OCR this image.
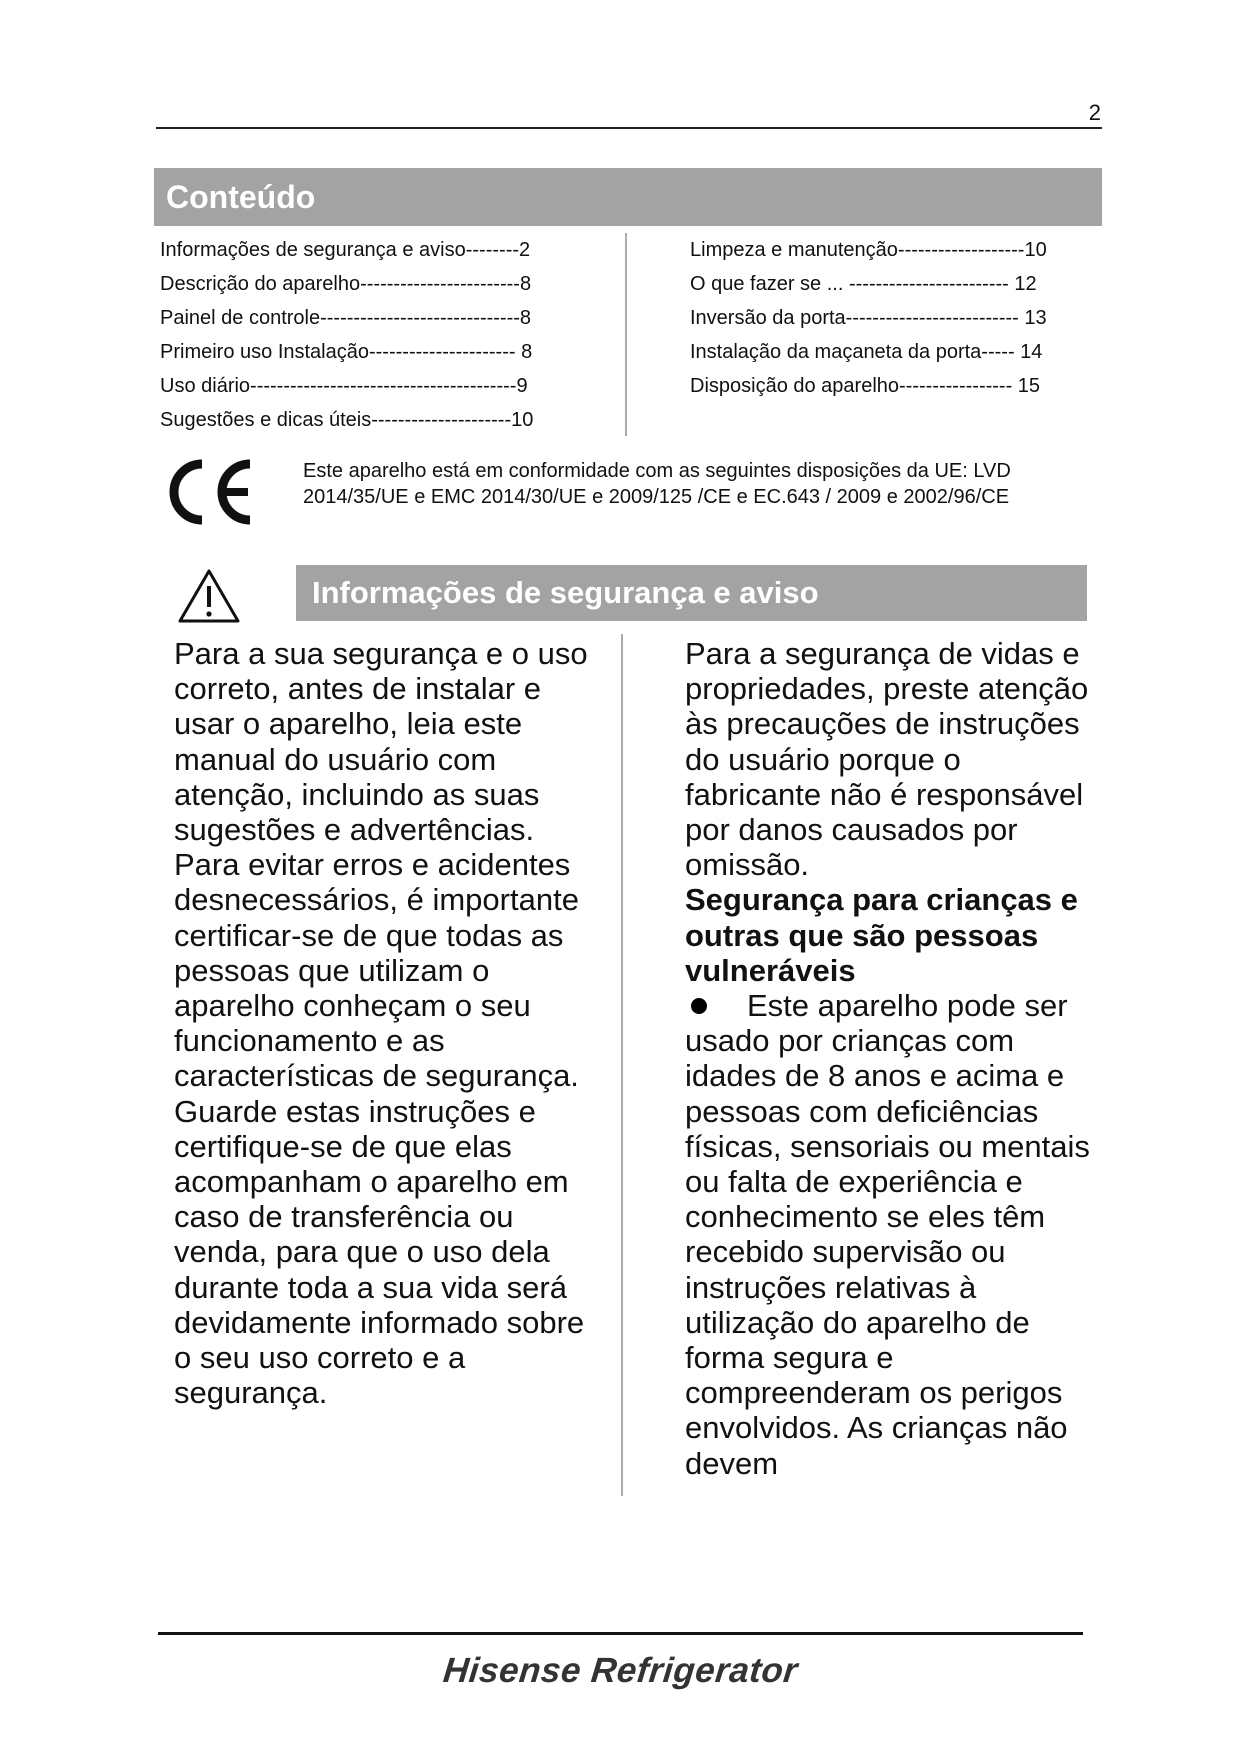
2
Conteúdo
Informações de segurança e aviso--------2
Descrição do aparelho------------------------8
Painel de controle------------------------------8
Primeiro uso Instalação---------------------- 8
Uso diário----------------------------------------9
Sugestões e dicas úteis---------------------10
Limpeza e manutenção-------------------10
O que fazer se ... ------------------------ 12
Inversão da porta-------------------------- 13
Instalação da maçaneta da porta----- 14
Disposição do aparelho----------------- 15
Este aparelho está em conformidade com as seguintes disposições da UE: LVD 2014/35/UE e EMC 2014/30/UE e 2009/125 /CE e EC.643 / 2009 e 2002/96/CE
Informações de segurança e aviso

Para a sua segurança e o uso correto, antes de instalar e usar o aparelho, leia este manual do usuário com atenção, incluindo as suas sugestões e advertências. Para evitar erros e acidentes desnecessários, é importante certificar-se de que todas as pessoas que utilizam o aparelho conheçam o seu funcionamento e as características de segurança. Guarde estas instruções e certifique-se de que elas acompanham o aparelho em caso de transferência ou venda, para que o uso dela durante toda a sua vida será devidamente informado sobre o seu uso correto e a segurança.

Para a segurança de vidas e propriedades, preste atenção às precauções de instruções do usuário porque o fabricante não é responsável por danos causados por omissão.

Segurança para crianças e outras que são pessoas vulneráveis

Este aparelho pode ser usado por crianças com idades de 8 anos e acima e pessoas com deficiências físicas, sensoriais ou mentais ou falta de experiência e conhecimento se eles têm recebido supervisão ou instruções relativas à utilização do aparelho de forma segura e compreenderam os perigos envolvidos. As crianças não devem

Hisense Refrigerator
